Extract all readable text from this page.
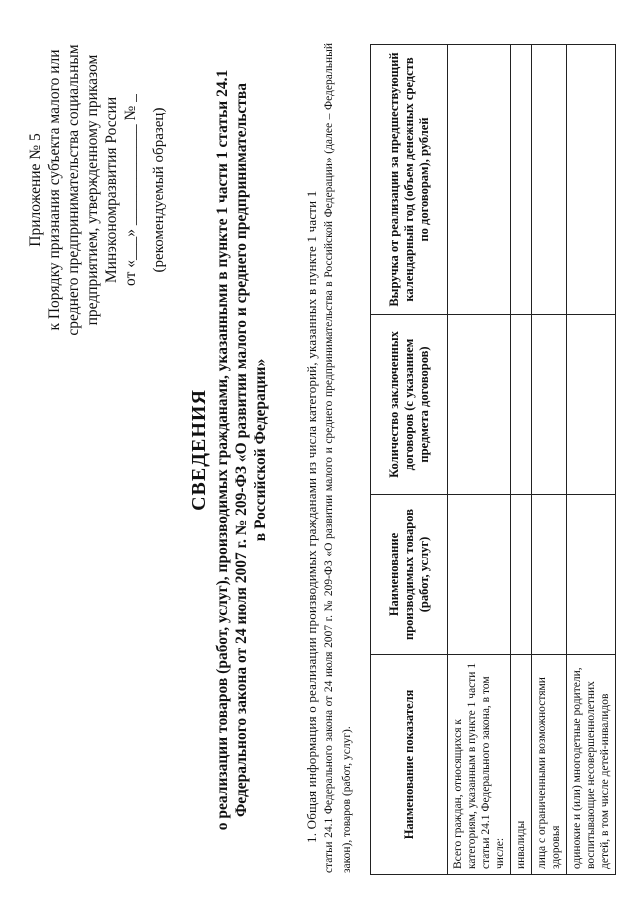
Приложение № 5 к Порядку признания субъекта малого или среднего предпринимательства социальным предприятием, утвержденному приказом Минэкономразвития России от «___» _____________ № _ (рекомендуемый образец)
СВЕДЕНИЯ о реализации товаров (работ, услуг), производимых гражданами, указанными в пункте 1 части 1 статьи 24.1 Федерального закона от 24 июля 2007 г. № 209-ФЗ «О развитии малого и среднего предпринимательства в Российской Федерации»	1. Общая информация о реализации производимых гражданами из числа категорий, указанных в пункте 1 части 1 статьи 24.1 Федерального закона от 24 июля 2007 г. № 209-ФЗ «О развитии малого и среднего предпринимательства в Российской Федерации» (далее – Федеральный закон), товаров (работ, услуг).	Наименование показателя	Наименование производимых товаров (работ, услуг)	Количество заключенных договоров (с указанием предмета договоров)	Выручка от реализации за предшествующий календарный год (объем денежных средств по договорам), рублей
Всего граждан, относящихся к категориям, указанным в пункте 1 части 1 статьи 24.1 Федерального закона, в том числе:			
инвалиды			
лица с ограниченными возможностями здоровья			
одинокие и (или) многодетные родители, воспитывающие несовершеннолетних детей, в том числе детей-инвалидов			
